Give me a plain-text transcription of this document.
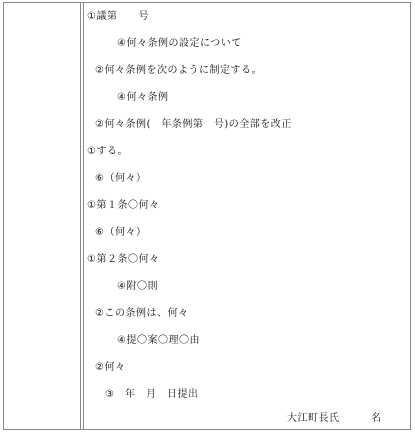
①議第　　号
④何々条例の設定について
②何々条例を次のように制定する。
④何々条例
②何々条例(　年条例第　号)の全部を改正
①する。
⑥（何々）
①第１条〇何々
⑥（何々）
①第２条〇何々
④附〇則
②この条例は、何々
④提〇案〇理〇由
②何々
③　年　月　日提出
大江町長氏　　　名
